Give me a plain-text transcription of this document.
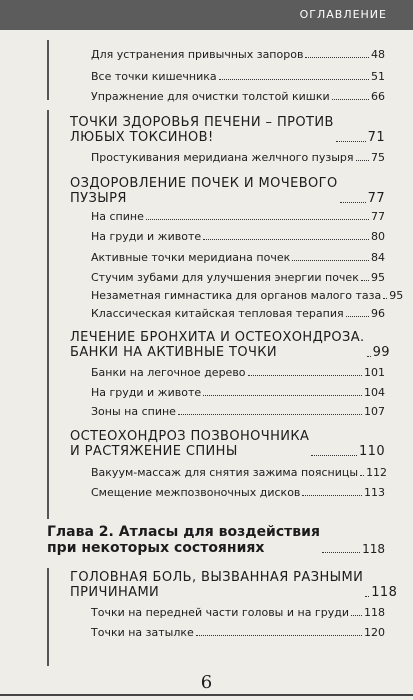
ОГЛАВЛЕНИЕ
Для устранения привычных запоров	48
Все точки кишечника	51
Упражнение для очистки толстой кишки	66
ТОЧКИ ЗДОРОВЬЯ ПЕЧЕНИ – ПРОТИВ
ЛЮБЫХ ТОКСИНОВ!	71
Простукивания меридиана желчного пузыря 75
ОЗДОРОВЛЕНИЕ ПОЧЕК И МОЧЕВОГО
ПУЗЫРЯ	77
На спине	77
На груди и животе	80
Активные точки меридиана почек	84
Стучим зубами для улучшения энергии почек 95
Незаметная гимнастика для органов малого таза 95
Классическая китайская тепловая терапия 96
ЛЕЧЕНИЕ БРОНХИТА И ОСТЕОХОНДРОЗА.
БАНКИ НА АКТИВНЫЕ ТОЧКИ	99
Банки на легочное дерево	101
На груди и животе	104
Зоны на спине	107
ОСТЕОХОНДРОЗ ПОЗВОНОЧНИКА
И РАСТЯЖЕНИЕ СПИНЫ	110
Вакуум-массаж для снятия зажима поясницы 112
Смещение межпозвоночных дисков	113
Глава 2. Атласы для воздействия
при некоторых состояниях	118
ГОЛОВНАЯ БОЛЬ, ВЫЗВАННАЯ РАЗНЫМИ
ПРИЧИНАМИ	118
Точки на передней части головы и на груди 118
Точки на затылке	120
6
